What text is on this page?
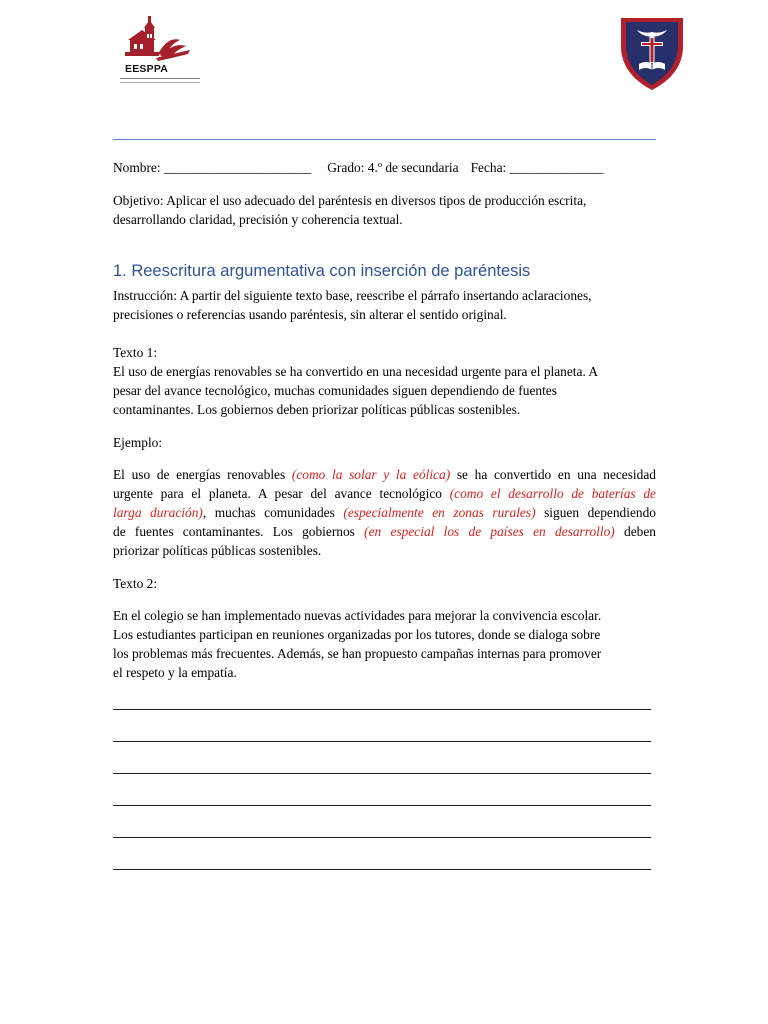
EESPPA
Nombre: ______________________ Grado: 4.º de secundaria Fecha: ______________
Objetivo: Aplicar el uso adecuado del paréntesis en diversos tipos de producción escrita,
desarrollando claridad, precisión y coherencia textual.
1. Reescritura argumentativa con inserción de paréntesis
Instrucción: A partir del siguiente texto base, reescribe el párrafo insertando aclaraciones,
precisiones o referencias usando paréntesis, sin alterar el sentido original.
Texto 1:
El uso de energías renovables se ha convertido en una necesidad urgente para el planeta. A
pesar del avance tecnológico, muchas comunidades siguen dependiendo de fuentes
contaminantes. Los gobiernos deben priorizar políticas públicas sostenibles.
Ejemplo:
El uso de energías renovables (como la solar y la eólica) se ha convertido en una necesidad
urgente para el planeta. A pesar del avance tecnológico (como el desarrollo de baterías de
larga duración), muchas comunidades (especialmente en zonas rurales) siguen dependiendo
de fuentes contaminantes. Los gobiernos (en especial los de países en desarrollo) deben
priorizar políticas públicas sostenibles.
Texto 2:
En el colegio se han implementado nuevas actividades para mejorar la convivencia escolar.
Los estudiantes participan en reuniones organizadas por los tutores, donde se dialoga sobre
los problemas más frecuentes. Además, se han propuesto campañas internas para promover
el respeto y la empatía.
